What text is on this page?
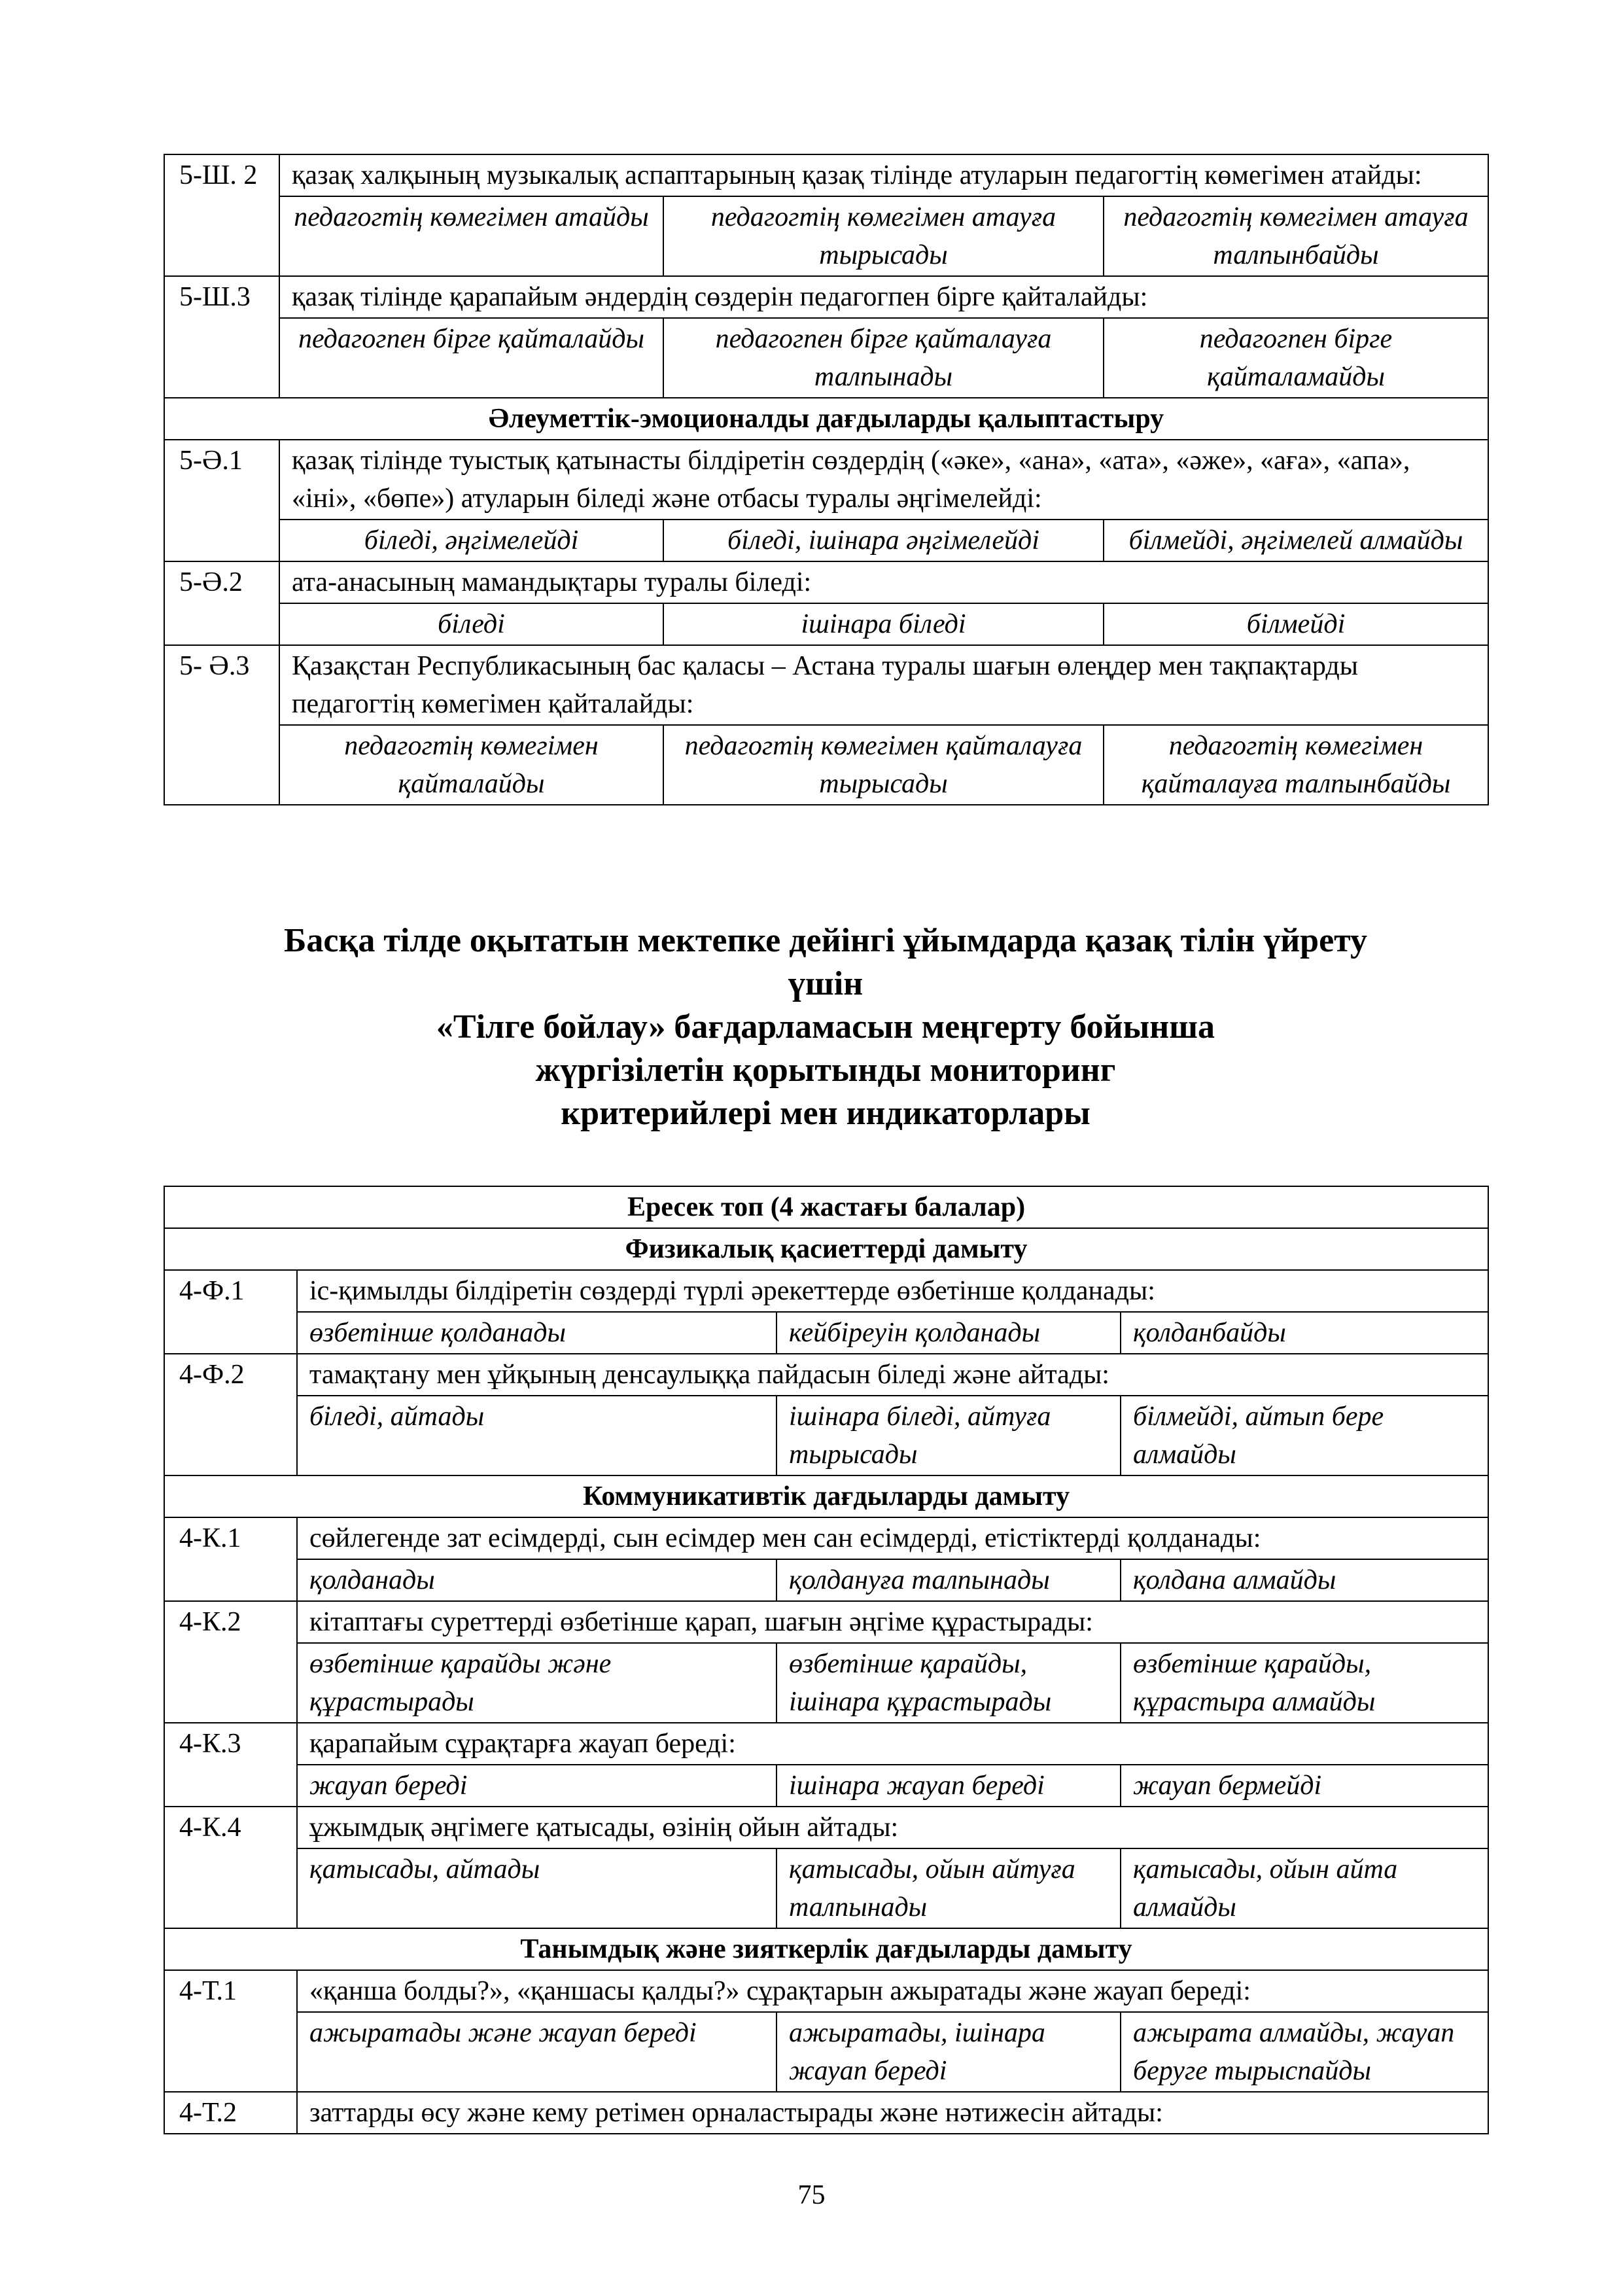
5-Ш. 2	қазақ халқының музыкалық аспаптарының қазақ тілінде атуларын педагогтің көмегімен атайды:		
	педагогтің көмегімен атайды	педагогтің көмегімен атауға тырысады	педагогтің көмегімен атауға талпынбайды
5-Ш.3	қазақ тілінде қарапайым әндердің сөздерін педагогпен бірге қайталайды:		
	педагогпен бірге қайталайды	педагогпен бірге қайталауға талпынады	педагогпен бірге қайталамайды
Әлеуметтік-эмоционалды дағдыларды қалыптастыру			
5-Ә.1	қазақ тілінде туыстық қатынасты білдіретін сөздердің («әке», «ана», «ата», «әже», «аға», «апа», «іні», «бөпе») атуларын біледі және отбасы туралы әңгімелейді:		
	біледі, әңгімелейді	біледі, ішінара әңгімелейді	білмейді, әңгімелей алмайды
5-Ә.2	ата-анасының мамандықтары туралы біледі:		
	біледі	ішінара біледі	білмейді
5- Ә.3	Қазақстан Республикасының бас қаласы – Астана туралы шағын өлеңдер мен тақпақтарды педагогтің көмегімен қайталайды:		
	педагогтің көмегімен қайталайды	педагогтің көмегімен қайталауға тырысады	педагогтің көмегімен қайталауға талпынбайды
Басқа тілде оқытатын мектепке дейінгі ұйымдарда қазақ тілін үйрету
үшін
«Тілге бойлау» бағдарламасын меңгерту бойынша
жүргізілетін қорытынды мониторинг
критерийлері мен индикаторлары
Ересек топ (4 жастағы балалар)			
Физикалық қасиеттерді дамыту			
4-Ф.1	іс-қимылды білдіретін сөздерді түрлі әрекеттерде өзбетінше қолданады:		
	өзбетінше қолданады	кейбіреуін қолданады	қолданбайды
4-Ф.2	тамақтану мен ұйқының денсаулыққа пайдасын біледі және айтады:		
	біледі, айтады	ішінара біледі, айтуға тырысады	білмейді, айтып бере алмайды
Коммуникативтік дағдыларды дамыту			
4-К.1	сөйлегенде зат есімдерді, сын есімдер мен сан есімдерді, етістіктерді қолданады:		
	қолданады	қолдануға талпынады	қолдана алмайды
4-К.2	кітаптағы суреттерді өзбетінше қарап, шағын әңгіме құрастырады:		
	өзбетінше қарайды және құрастырады	өзбетінше қарайды, ішінара құрастырады	өзбетінше қарайды, құрастыра алмайды
4-К.3	қарапайым сұрақтарға жауап береді:		
	жауап береді	ішінара жауап береді	жауап бермейді
4-К.4	ұжымдық әңгімеге қатысады, өзінің ойын айтады:		
	қатысады, айтады	қатысады, ойын айтуға талпынады	қатысады, ойын айта алмайды
Танымдық және зияткерлік дағдыларды дамыту			
4-Т.1	«қанша болды?», «қаншасы қалды?» сұрақтарын ажыратады және жауап береді:		
	ажыратады және жауап береді	ажыратады, ішінара жауап береді	ажырата алмайды, жауап беруге тырыспайды
4-Т.2	заттарды өсу және кему ретімен орналастырады және нәтижесін айтады:		
75
